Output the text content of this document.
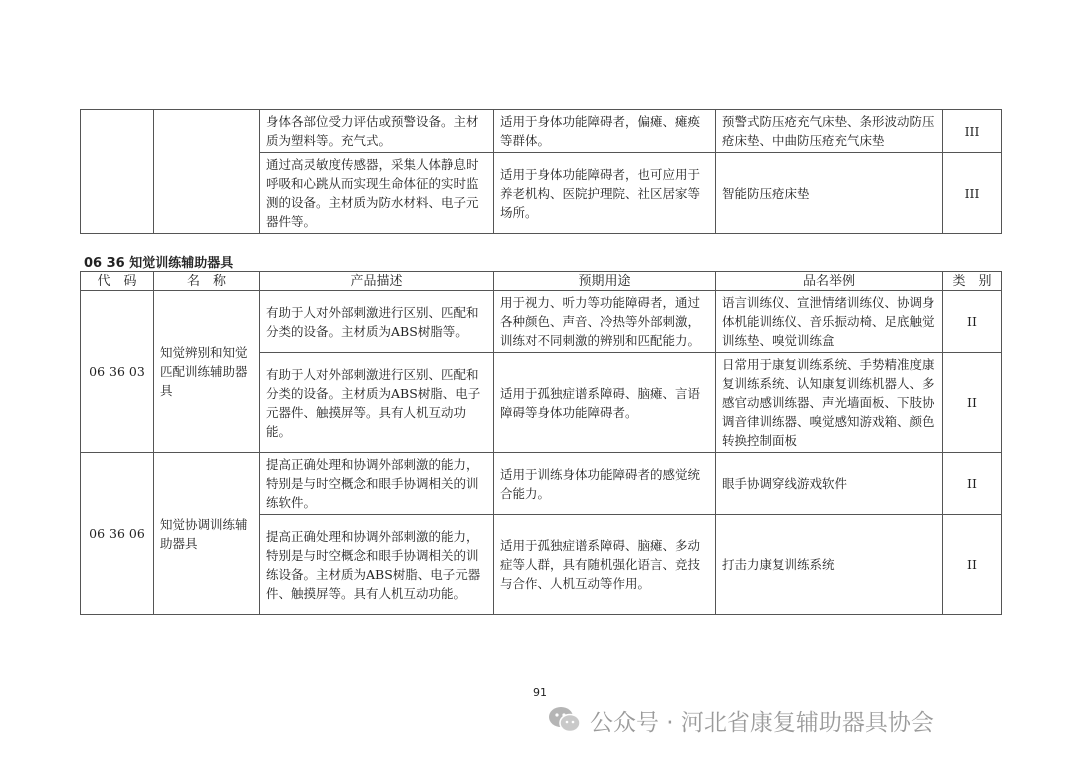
		身体各部位受力评估或预警设备。主材质为塑料等。充气式。	适用于身体功能障碍者，偏瘫、瘫痪等群体。	预警式防压疮充气床垫、条形波动防压疮床垫、中曲防压疮充气床垫	III
		通过高灵敏度传感器，采集人体静息时呼吸和心跳从而实现生命体征的实时监测的设备。主材质为防水材料、电子元器件等。	适用于身体功能障碍者，也可应用于养老机构、医院护理院、社区居家等场所。	智能防压疮床垫	III
06 36 知觉训练辅助器具
代　码	名　称	产品描述	预期用途	品名举例	类　别
06 36 03	知觉辨别和知觉匹配训练辅助器具	有助于人对外部刺激进行区别、匹配和分类的设备。主材质为ABS树脂等。	用于视力、听力等功能障碍者，通过各种颜色、声音、冷热等外部刺激，训练对不同刺激的辨别和匹配能力。	语言训练仪、宣泄情绪训练仪、协调身体机能训练仪、音乐振动椅、足底触觉训练垫、嗅觉训练盒	II
		有助于人对外部刺激进行区别、匹配和分类的设备。主材质为ABS树脂、电子元器件、触摸屏等。具有人机互动功能。	适用于孤独症谱系障碍、脑瘫、言语障碍等身体功能障碍者。	日常用于康复训练系统、手势精准度康复训练系统、认知康复训练机器人、多感官动感训练器、声光墙面板、下肢协调音律训练器、嗅觉感知游戏箱、颜色转换控制面板	II
06 36 06	知觉协调训练辅助器具	提高正确处理和协调外部刺激的能力，特别是与时空概念和眼手协调相关的训练软件。	适用于训练身体功能障碍者的感觉统合能力。	眼手协调穿线游戏软件	II
		提高正确处理和协调外部刺激的能力，特别是与时空概念和眼手协调相关的训练设备。主材质为ABS树脂、电子元器件、触摸屏等。具有人机互动功能。	适用于孤独症谱系障碍、脑瘫、多动症等人群，具有随机强化语言、竞技与合作、人机互动等作用。	打击力康复训练系统	II
91
公众号 · 河北省康复辅助器具协会
